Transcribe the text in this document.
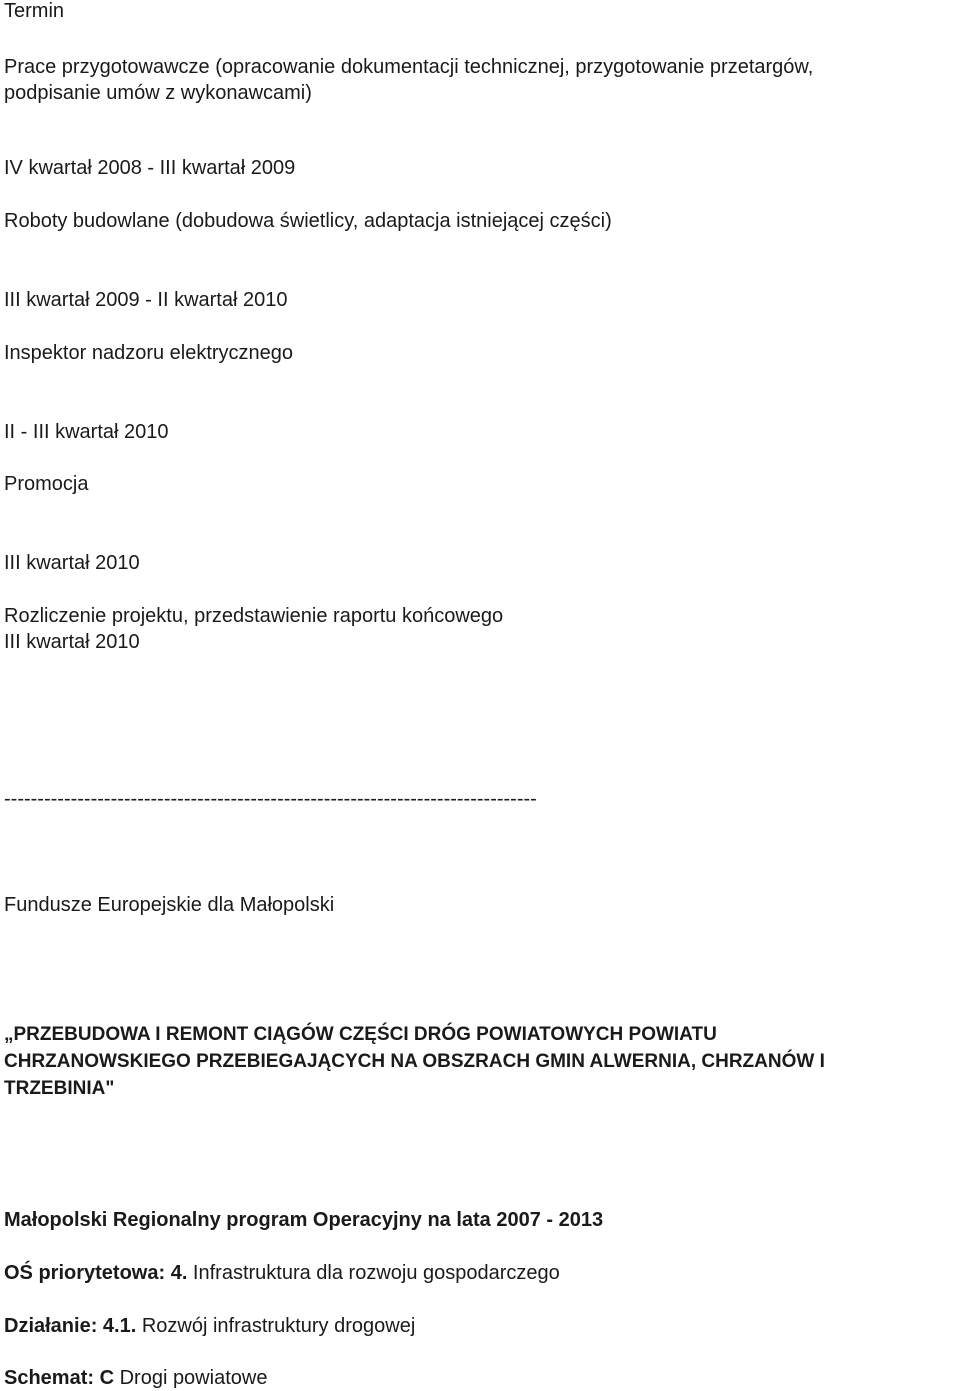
Termin

Prace przygotowawcze (opracowanie dokumentacji technicznej, przygotowanie przetargów,

podpisanie umów z wykonawcami)

IV kwartał 2008 - III kwartał 2009

Roboty budowlane (dobudowa świetlicy, adaptacja istniejącej części)

III kwartał 2009 - II kwartał 2010

Inspektor nadzoru elektrycznego

II - III kwartał 2010

Promocja

III kwartał 2010

Rozliczenie projektu, przedstawienie raportu końcowego

III kwartał 2010

--------------------------------------------------------------------------------

Fundusze Europejskie dla Małopolski

„PRZEBUDOWA I REMONT CIĄGÓW CZĘŚCI DRÓG POWIATOWYCH POWIATU
CHRZANOWSKIEGO PRZEBIEGAJĄCYCH NA OBSZRACH GMIN ALWERNIA, CHRZANÓW I
TRZEBINIA"

Małopolski Regionalny program Operacyjny na lata 2007 - 2013

OŚ priorytetowa: 4. Infrastruktura dla rozwoju gospodarczego

Działanie: 4.1. Rozwój infrastruktury drogowej

Schemat: C Drogi powiatowe
